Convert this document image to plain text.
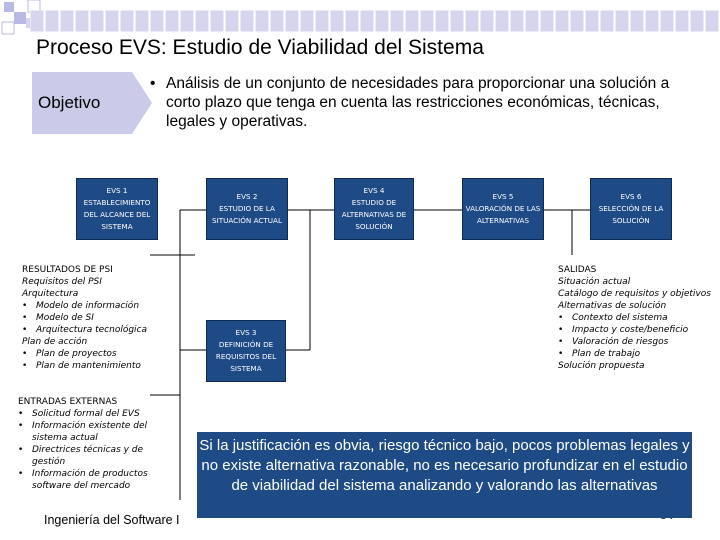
Proceso EVS: Estudio de Viabilidad del Sistema
Objetivo
• Análisis de un conjunto de necesidades para proporcionar una solución a corto plazo que tenga en cuenta las restricciones económicas, técnicas, legales y operativas.
EVS 1
ESTABLECIMIENTO DEL ALCANCE DEL SISTEMA
EVS 2
ESTUDIO DE LA SITUACIÓN ACTUAL
EVS 3
DEFINICIÓN DE REQUISITOS DEL SISTEMA
EVS 4
ESTUDIO DE ALTERNATIVAS DE SOLUCIÓN
EVS 5
VALORACIÓN DE LAS ALTERNATIVAS
EVS 6
SELECCIÓN DE LA SOLUCIÓN
RESULTADOS DE PSI
Requisitos del PSI
Arquitectura
• Modelo de información
• Modelo de SI
• Arquitectura tecnológica
Plan de acción
• Plan de proyectos
• Plan de mantenimiento
ENTRADAS EXTERNAS
• Solicitud formal del EVS
• Información existente del sistema actual
• Directrices técnicas y de gestión
• Información de productos software del mercado
SALIDAS
Situación actual
Catálogo de requisitos y objetivos
Alternativas de solución
• Contexto del sistema
• Impacto y coste/beneficio
• Valoración de riesgos
• Plan de trabajo
Solución propuesta
Si la justificación es obvia, riesgo técnico bajo, pocos problemas legales y no existe alternativa razonable, no es necesario profundizar en el estudio de viabilidad del sistema analizando y valorando las alternativas
Ingeniería del Software I	34
